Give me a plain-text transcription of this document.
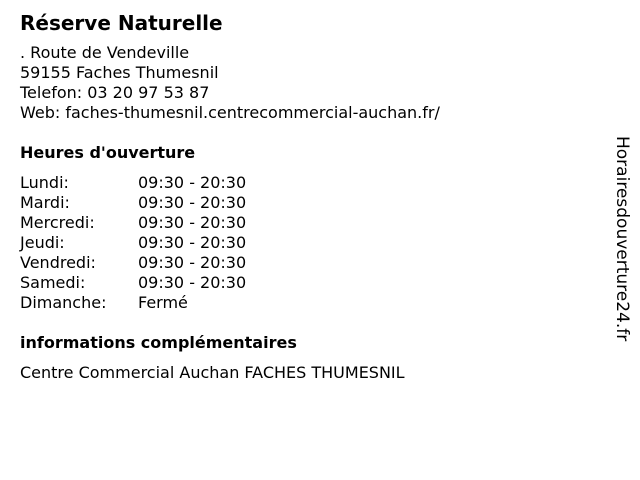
Réserve Naturelle
. Route de Vendeville
59155 Faches Thumesnil
Telefon: 03 20 97 53 87
Web: faches-thumesnil.centrecommercial-auchan.fr/
Heures d'ouverture
Lundi:	09:30 - 20:30
Mardi:	09:30 - 20:30
Mercredi:	09:30 - 20:30
Jeudi:	09:30 - 20:30
Vendredi:	09:30 - 20:30
Samedi:	09:30 - 20:30
Dimanche:	Fermé
informations complémentaires
Centre Commercial Auchan FACHES THUMESNIL
Horairesdouverture24.fr
